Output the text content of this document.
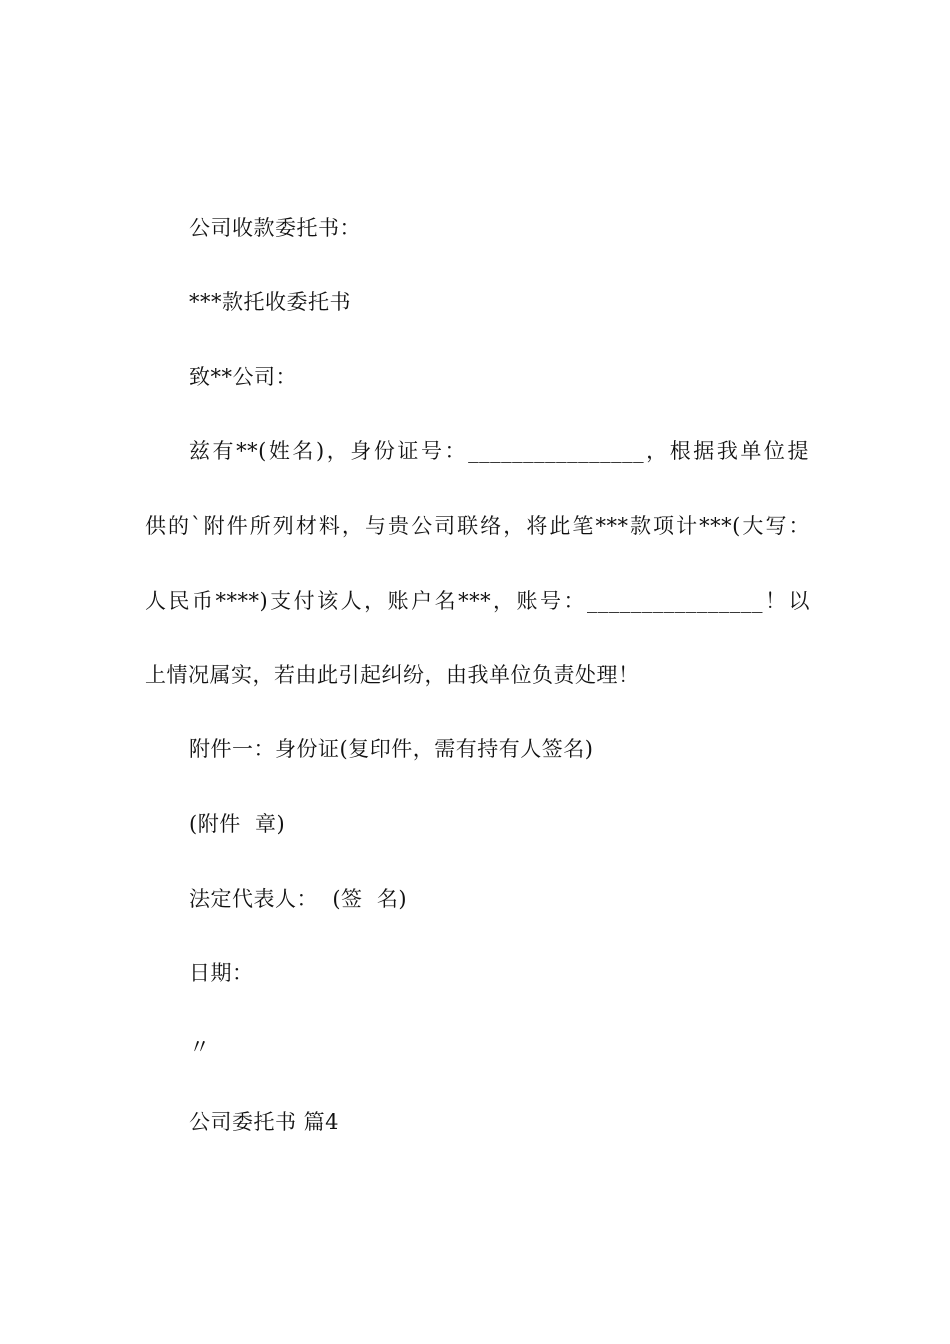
公司收款委托书：
***款托收委托书
致**公司：
兹有**(姓名)，身份证号：________________，根据我单位提
供的`附件所列材料，与贵公司联络，将此笔***款项计***(大写：
人民币****)支付该人，账户名***，账号：________________！以
上情况属实，若由此引起纠纷，由我单位负责处理！
附件一：身份证(复印件，需有持有人签名)
(附件  章)
法定代表人：  (签  名)
日期：
〃
公司委托书 篇4
